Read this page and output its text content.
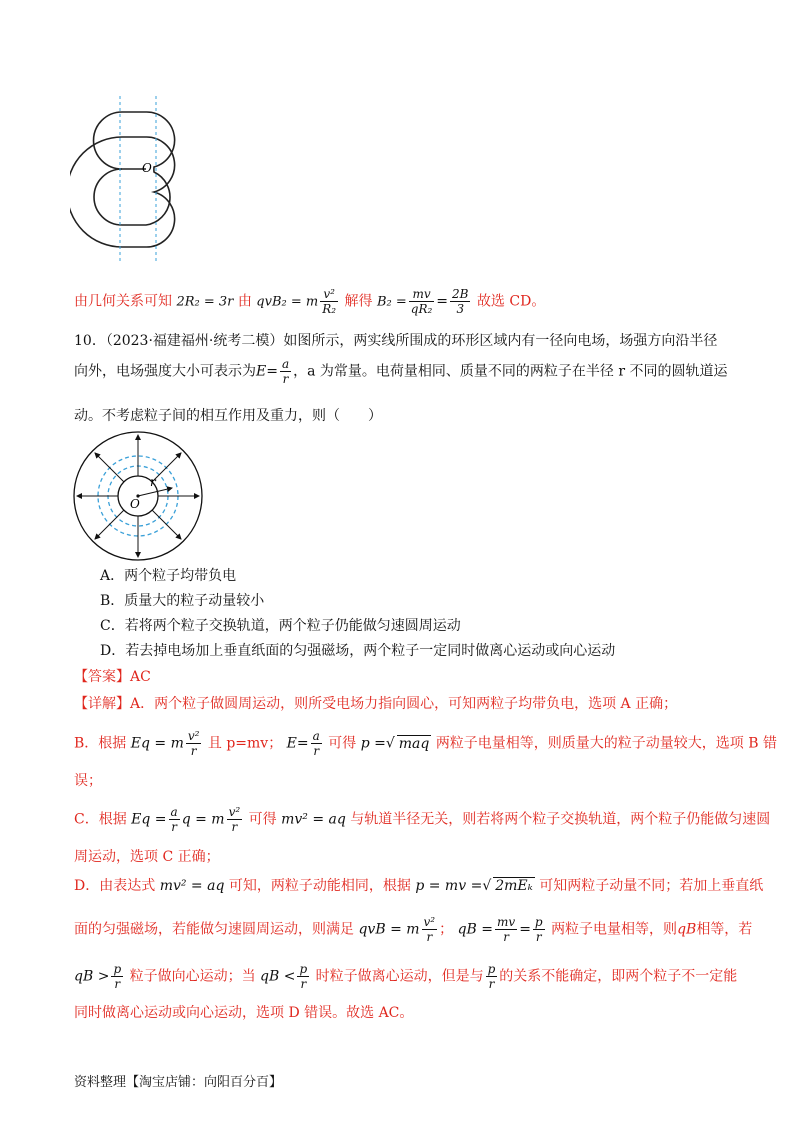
O
由几何关系可知 2R₂ = 3r 由 qvB₂ = m $\frac{\text{v²}}{\text{R₂}}$ 解得 $B_2 = \frac{mv}{\text{qR₂}} = \frac{2B}{3}$ 故选 CD。
10．（2023·福建福州·统考二模）如图所示，两实线所围成的环形区域内有一径向电场，场强方向沿半径
向外，电场强度大小可表示为$E= \frac{a}{r}$ ，a 为常量。电荷量相同、质量不同的两粒子在半径 r 不同的圆轨道运
动。不考虑粒子间的相互作用及重力，则（　　）
O
r
A．两个粒子均带负电
B．质量大的粒子动量较小
C．若将两个粒子交换轨道，两个粒子仍能做匀速圆周运动
D．若去掉电场加上垂直纸面的匀强磁场，两个粒子一定同时做离心运动或向心运动
【答案】AC
【详解】A．两个粒子做圆周运动，则所受电场力指向圆心，可知两粒子均带负电，选项 A 正确；
B．根据 Eq = m $\frac{\text{v²}}{r}$ 且 p=mv； $E= \frac{a}{r}$ 可得 p =√ maq 两粒子电量相等，则质量大的粒子动量较大，选项 B 错
误；
C．根据 $Eq = \frac{a}{r}$ q = m $\frac{\text{v²}}{r}$ 可得 mv² = aq 与轨道半径无关，则若将两个粒子交换轨道，两个粒子仍能做匀速圆
周运动，选项 C 正确；
D．由表达式 mv² = aq 可知，两粒子动能相同，根据 p = mv =√ 2mEₖ 可知两粒子动量不同；若加上垂直纸
面的匀强磁场，若能做匀速圆周运动，则满足 qvB = m $\frac{\text{v²}}{r}$ ； qB = $\frac{mv}{r} = \frac{p}{r}$ 两粒子电量相等，则qB相等，若
qB > $\frac{p}{r}$ 粒子做向心运动；当 qB < $\frac{p}{r}$ 时粒子做离心运动，但是与 $\frac{p}{r}$ 的关系不能确定，即两个粒子不一定能
同时做离心运动或向心运动，选项 D 错误。故选 AC。
资料整理【淘宝店铺：向阳百分百】
